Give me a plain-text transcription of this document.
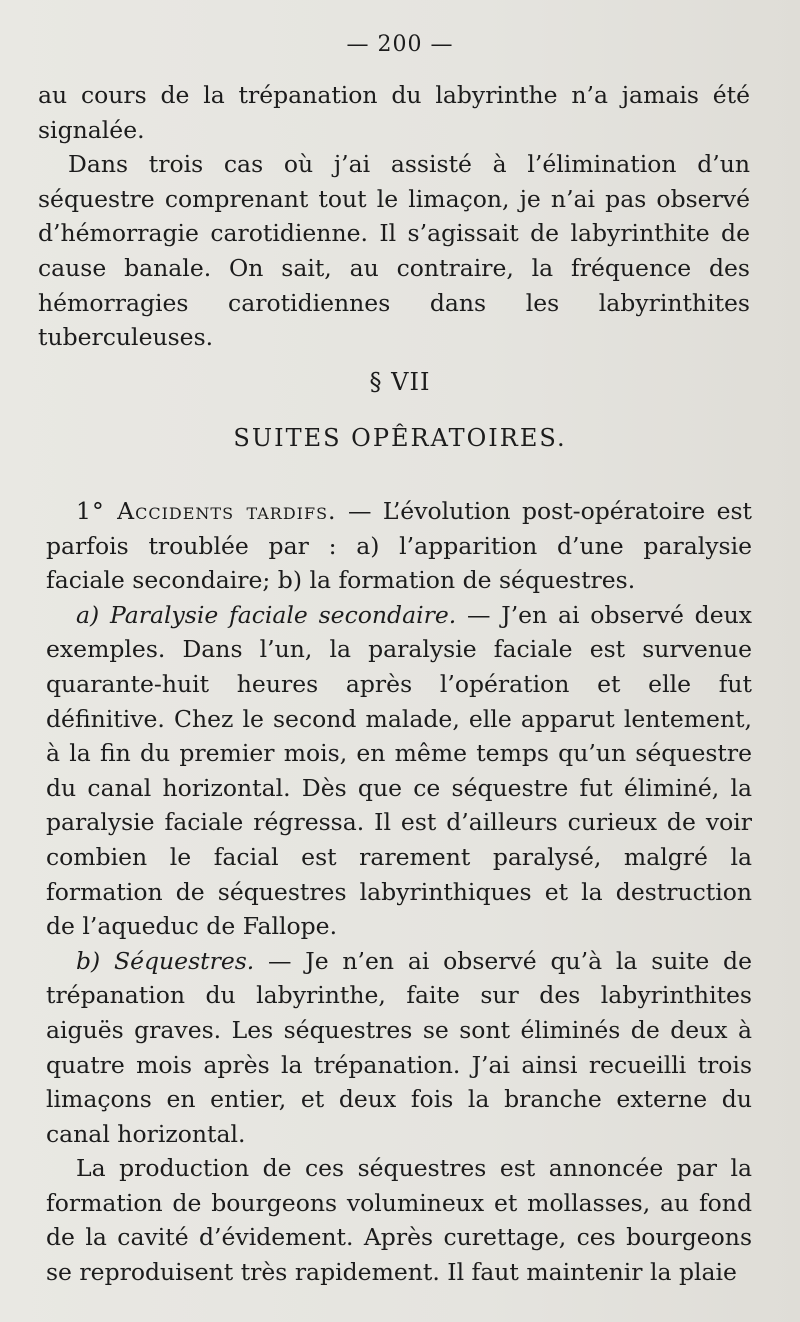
— 200 —

au cours de la trépanation du labyrinthe n’a jamais été signalée.

Dans trois cas où j’ai assisté à l’élimination d’un séquestre comprenant tout le limaçon, je n’ai pas observé d’hémorragie carotidienne. Il s’agissait de labyrinthite de cause banale. On sait, au contraire, la fréquence des hémorragies carotidiennes dans les labyrinthites tuberculeuses.

§ VII
SUITES OPÊRATOIRES.

1° Accidents tardifs. — L’évolution post-opératoire est parfois troublée par : a) l’apparition d’une paralysie faciale secondaire; b) la formation de séquestres.

a) Paralysie faciale secondaire. — J’en ai observé deux exemples. Dans l’un, la paralysie faciale est survenue quarante-huit heures après l’opération et elle fut définitive. Chez le second malade, elle apparut lentement, à la fin du premier mois, en même temps qu’un séquestre du canal horizontal. Dès que ce séquestre fut éliminé, la paralysie faciale régressa. Il est d’ailleurs curieux de voir combien le facial est rarement paralysé, malgré la formation de séquestres labyrinthiques et la destruction de l’aqueduc de Fallope.

b) Séquestres. — Je n’en ai observé qu’à la suite de trépanation du labyrinthe, faite sur des labyrinthites aiguës graves. Les séquestres se sont éliminés de deux à quatre mois après la trépanation. J’ai ainsi recueilli trois limaçons en entier, et deux fois la branche externe du canal horizontal.

La production de ces séquestres est annoncée par la formation de bourgeons volumineux et mollasses, au fond de la cavité d’évidement. Après curettage, ces bourgeons se reproduisent très rapidement. Il faut maintenir la plaie
